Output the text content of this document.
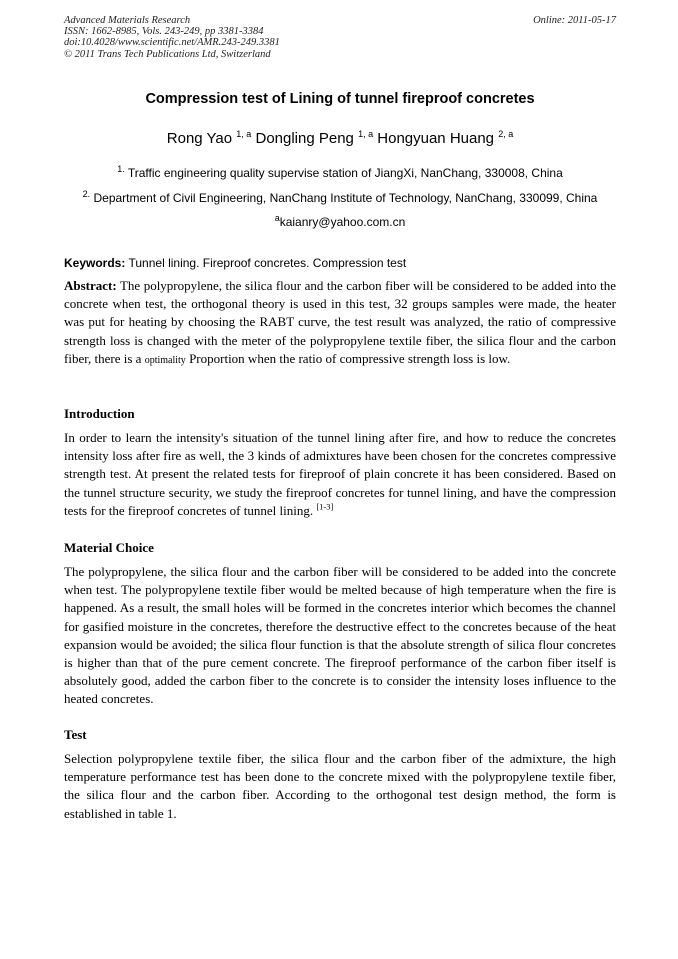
Advanced Materials Research
ISSN: 1662-8985, Vols. 243-249, pp 3381-3384
doi:10.4028/www.scientific.net/AMR.243-249.3381
© 2011 Trans Tech Publications Ltd, Switzerland
Online: 2011-05-17
Compression test of Lining of tunnel fireproof concretes
Rong Yao $^{1, a}$ Dongling Peng $^{1, a}$ Hongyuan Huang $^{2, a}$
$^{1.}$ Traffic engineering quality supervise station of JiangXi, NanChang, 330008, China
$^{2.}$ Department of Civil Engineering, NanChang Institute of Technology, NanChang, 330099, China
$^a$kaianry@yahoo.com.cn
Keywords: Tunnel lining. Fireproof concretes. Compression test
Abstract: The polypropylene, the silica flour and the carbon fiber will be considered to be added into the concrete when test, the orthogonal theory is used in this test, 32 groups samples were made, the heater was put for heating by choosing the RABT curve, the test result was analyzed, the ratio of compressive strength loss is changed with the meter of the polypropylene textile fiber, the silica flour and the carbon fiber, there is a optimality Proportion when the ratio of compressive strength loss is low.
Introduction
In order to learn the intensity's situation of the tunnel lining after fire, and how to reduce the concretes intensity loss after fire as well, the 3 kinds of admixtures have been chosen for the concretes compressive strength test. At present the related tests for fireproof of plain concrete it has been considered. Based on the tunnel structure security, we study the fireproof concretes for tunnel lining, and have the compression tests for the fireproof concretes of tunnel lining. [1-3]
Material Choice
The polypropylene, the silica flour and the carbon fiber will be considered to be added into the concrete when test. The polypropylene textile fiber would be melted because of high temperature when the fire is happened. As a result, the small holes will be formed in the concretes interior which becomes the channel for gasified moisture in the concretes, therefore the destructive effect to the concretes because of the heat expansion would be avoided; the silica flour function is that the absolute strength of silica flour concretes is higher than that of the pure cement concrete. The fireproof performance of the carbon fiber itself is absolutely good, added the carbon fiber to the concrete is to consider the intensity loses influence to the heated concretes.
Test
Selection polypropylene textile fiber, the silica flour and the carbon fiber of the admixture, the high temperature performance test has been done to the concrete mixed with the polypropylene textile fiber, the silica flour and the carbon fiber. According to the orthogonal test design method, the form is established in table 1.
